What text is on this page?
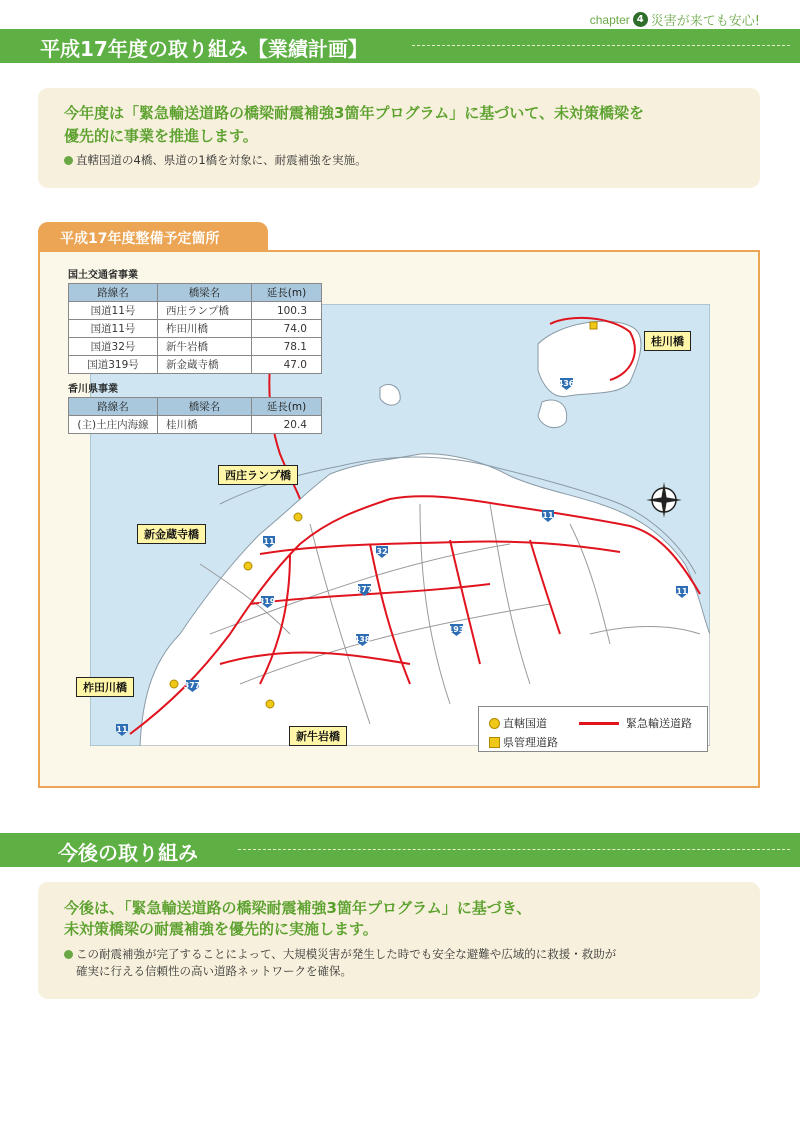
chapter 4 災害が来ても安心!
平成17年度の取り組み【業績計画】
今年度は「緊急輸送道路の橋梁耐震補強3箇年プログラム」に基づいて、未対策橋梁を
優先的に事業を推進します。
直轄国道の4橋、県道の1橋を対象に、耐震補強を実施。
平成17年度整備予定箇所
11
32
319
377
438
193
377
11
11
11
436
国土交通省事業
路線名	橋梁名	延長(m)
国道11号	西庄ランプ橋	100.3
国道11号	柞田川橋	74.0
国道32号	新牛岩橋	78.1
国道319号	新金蔵寺橋	47.0
香川県事業
路線名	橋梁名	延長(m)
(主)土庄内海線	桂川橋	20.4
西庄ランプ橋
新金蔵寺橋
柞田川橋
新牛岩橋
桂川橋
直轄国道
県管理道路
緊急輸送道路
今後の取り組み
今後は、「緊急輸送道路の橋梁耐震補強3箇年プログラム」に基づき、
未対策橋梁の耐震補強を優先的に実施します。
この耐震補強が完了することによって、大規模災害が発生した時でも安全な避難や広域的に救援・救助が
確実に行える信頼性の高い道路ネットワークを確保。
